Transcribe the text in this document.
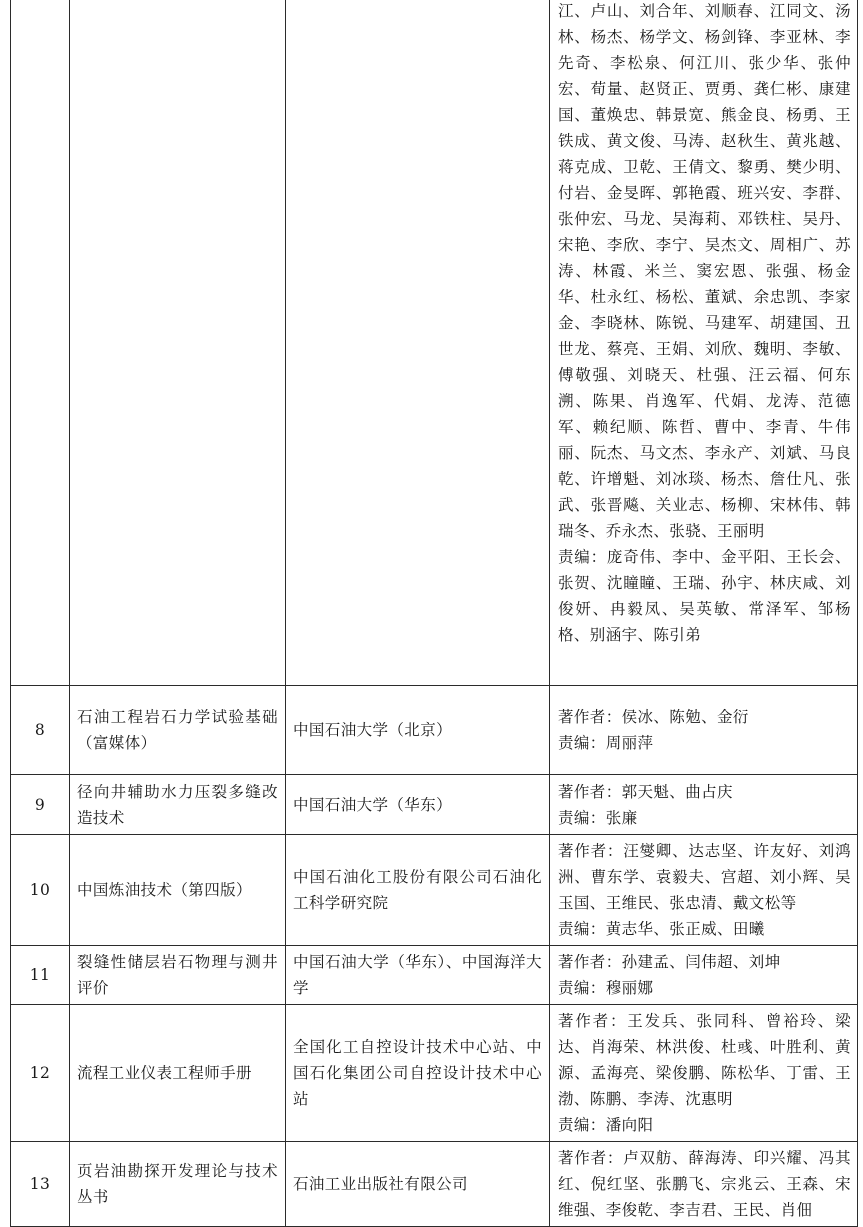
			江、卢山、刘合年、刘顺春、江同文、汤林、杨杰、杨学文、杨剑锋、李亚林、李先奇、李松泉、何江川、张少华、张仲宏、荀量、赵贤正、贾勇、龚仁彬、康建国、董焕忠、韩景宽、熊金良、杨勇、王铁成、黄文俊、马涛、赵秋生、黄兆越、蒋克成、卫乾、王倩文、黎勇、樊少明、付岩、金旻晖、郭艳霞、班兴安、李群、张仲宏、马龙、吴海莉、邓铁柱、吴丹、宋艳、李欣、李宁、吴杰文、周相广、苏涛、林霞、米兰、窦宏恩、张强、杨金华、杜永红、杨松、董斌、余忠凯、李家金、李晓林、陈锐、马建军、胡建国、丑世龙、蔡亮、王娟、刘欣、魏明、李敏、傅敬强、刘晓天、杜强、汪云福、何东溯、陈果、肖逸军、代娟、龙涛、范德军、赖纪顺、陈哲、曹中、李青、牛伟丽、阮杰、马文杰、李永产、刘斌、马良乾、许增魁、刘冰琰、杨杰、詹仕凡、张武、张晋飚、关业志、杨柳、宋林伟、韩瑞冬、乔永杰、张骁、王丽明
责编：庞奇伟、李中、金平阳、王长会、张贺、沈瞳瞳、王瑞、孙宇、林庆咸、刘俊妍、冉毅凤、吴英敏、常泽军、邹杨格、别涵宇、陈引弟

8	石油工程岩石力学试验基础（富媒体）	中国石油大学（北京）	著作者：侯冰、陈勉、金衍
责编：周丽萍

9	径向井辅助水力压裂多缝改造技术	中国石油大学（华东）	著作者：郭天魁、曲占庆
责编：张廉

10	中国炼油技术（第四版）	中国石油化工股份有限公司石油化工科学研究院	著作者：汪燮卿、达志坚、许友好、刘鸿洲、曹东学、袁毅夫、宫超、刘小辉、吴玉国、王维民、张忠清、戴文松等
责编：黄志华、张正威、田曦

11	裂缝性储层岩石物理与测井评价	中国石油大学（华东）、中国海洋大学	著作者：孙建孟、闫伟超、刘坤
责编：穆丽娜

12	流程工业仪表工程师手册	全国化工自控设计技术中心站、中国石化集团公司自控设计技术中心站	著作者：王发兵、张同科、曾裕玲、梁达、肖海荣、林洪俊、杜彧、叶胜利、黄源、孟海亮、梁俊鹏、陈松华、丁雷、王渤、陈鹏、李涛、沈惠明
责编：潘向阳

13	页岩油勘探开发理论与技术丛书	石油工业出版社有限公司	著作者：卢双舫、薛海涛、印兴耀、冯其红、倪红坚、张鹏飞、宗兆云、王森、宋维强、李俊乾、李吉君、王民、肖佃
